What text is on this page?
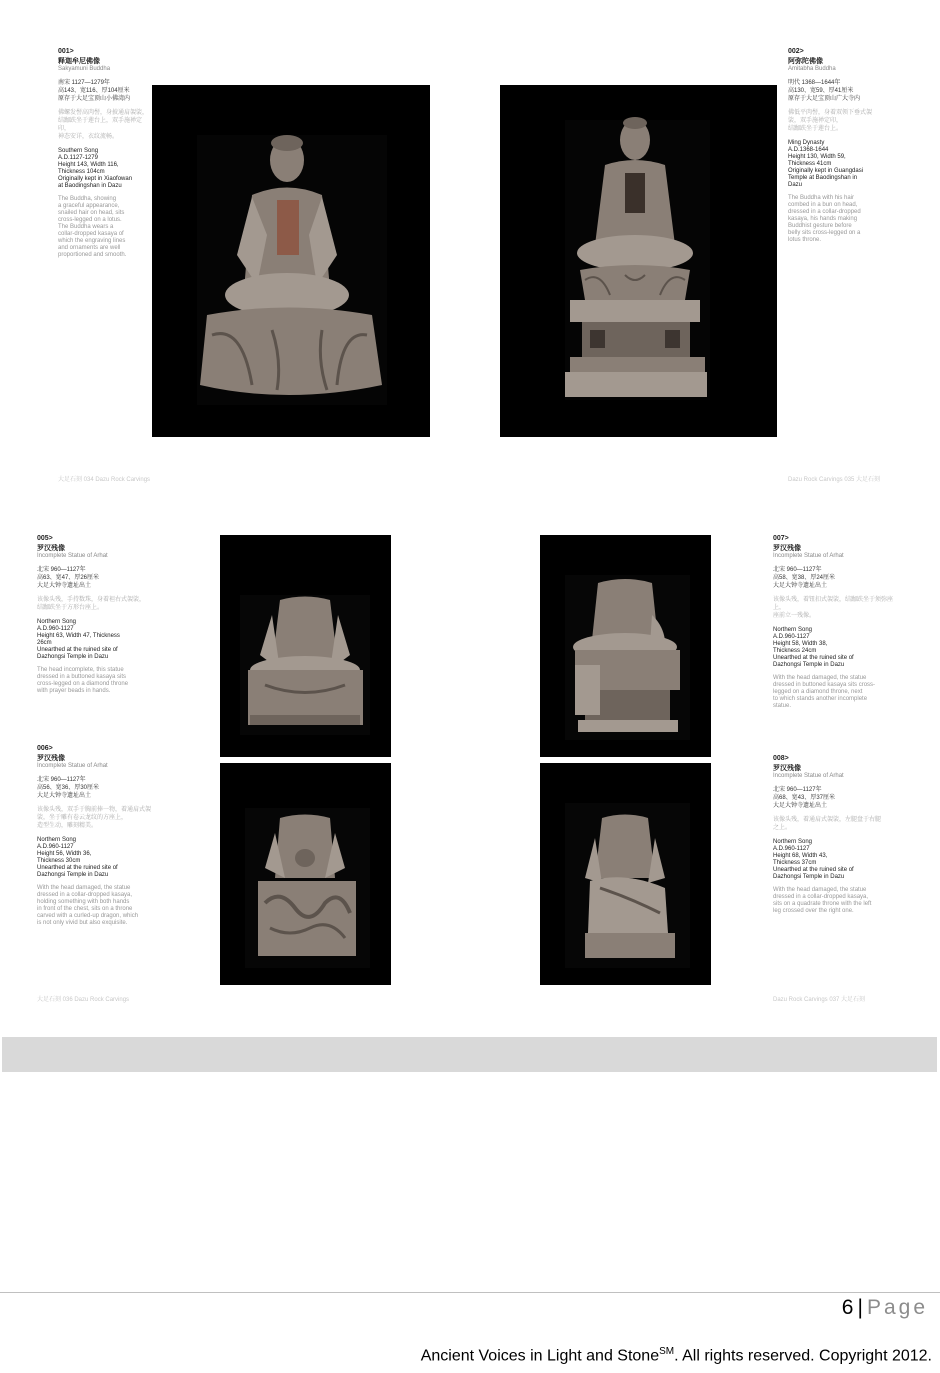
001>
释迦牟尼佛像
Sakyamuni Buddha
南宋 1127—1279年
高143、宽116、厚104厘米
原存于大足宝顶山小佛湾内
佛螺发髻高肉髻，身披通肩袈裟，结跏趺坐于莲台上，双手施禅定印，
神态安详，衣纹流畅。
Southern Song
A.D.1127-1279
Height 143, Width 116,
Thickness 104cm
Originally kept in Xiaofowan
at Baodingshan in Dazu
The Buddha, showing
a graceful appearance,
snailed hair on head, sits
cross-legged on a lotus.
The Buddha wears a
collar-dropped kasaya of
which the engraving lines
and ornaments are well
proportioned and smooth.
002>
阿弥陀佛像
Amitabha Buddha
明代 1368—1644年
高130、宽59、厚41厘米
原存于大足宝顶山广大寺内
佛低平肉髻，身着双领下垂式袈裟，双手施禅定印，
结跏趺坐于莲台上。
Ming Dynasty
A.D.1368-1644
Height 130, Width 59,
Thickness 41cm
Originally kept in Guangdasi
Temple at Baodingshan in
Dazu
The Buddha with his hair
combed in a bun on head,
dressed in a collar-dropped
kasaya, his hands making
Buddhist gesture before
belly sits cross-legged on a
lotus throne.
大足石刻 034 Dazu Rock Carvings	Dazu Rock Carvings 035 大足石刻
005>
罗汉残像
Incomplete Statue of Arhat
北宋 960—1127年
高63、宽47、厚26厘米
大足大钟寺遗址出土
该像头残，手持数珠，身着袒右式袈裟，
结跏趺坐于方形台座上。
Northern Song
A.D.960-1127
Height 63, Width 47, Thickness
26cm
Unearthed at the ruined site of
Dazhongsi Temple in Dazu
The head incomplete, this statue
dressed in a buttoned kasaya sits
cross-legged on a diamond throne
with prayer beads in hands.
006>
罗汉残像
Incomplete Statue of Arhat
北宋 960—1127年
高56、宽36、厚30厘米
大足大钟寺遗址出土
该像头残，双手于胸前捧一物，着通肩式袈裟，坐于雕有卷云龙纹的方座上，
造型生动，雕刻精美。
Northern Song
A.D.960-1127
Height 56, Width 36,
Thickness 30cm
Unearthed at the ruined site of
Dazhongsi Temple in Dazu
With the head damaged, the statue
dressed in a collar-dropped kasaya,
holding something with both hands
in front of the chest, sits on a throne
carved with a curled-up dragon, which
is not only vivid but also exquisite.
007>
罗汉残像
Incomplete Statue of Arhat
北宋 960—1127年
高58、宽38、厚24厘米
大足大钟寺遗址出土
该像头残，着钮扣式袈裟，结跏趺坐于须弥座上，
座前立一残像。
Northern Song
A.D.960-1127
Height 58, Width 38,
Thickness 24cm
Unearthed at the ruined site of
Dazhongsi Temple in Dazu
With the head damaged, the statue
dressed in buttoned kasaya sits cross-
legged on a diamond throne, next
to which stands another incomplete
statue.
008>
罗汉残像
Incomplete Statue of Arhat
北宋 960—1127年
高68、宽43、厚37厘米
大足大钟寺遗址出土
该像头残，着通肩式袈裟，左腿盘于右腿
之上。
Northern Song
A.D.960-1127
Height 68, Width 43,
Thickness 37cm
Unearthed at the ruined site of
Dazhongsi Temple in Dazu
With the head damaged, the statue
dressed in a collar-dropped kasaya,
sits on a quadrate throne with the left
leg crossed over the right one.
大足石刻 036 Dazu Rock Carvings	Dazu Rock Carvings 037 大足石刻
6 | Page
Ancient Voices in Light and Stone℠. All rights reserved. Copyright 2012.
